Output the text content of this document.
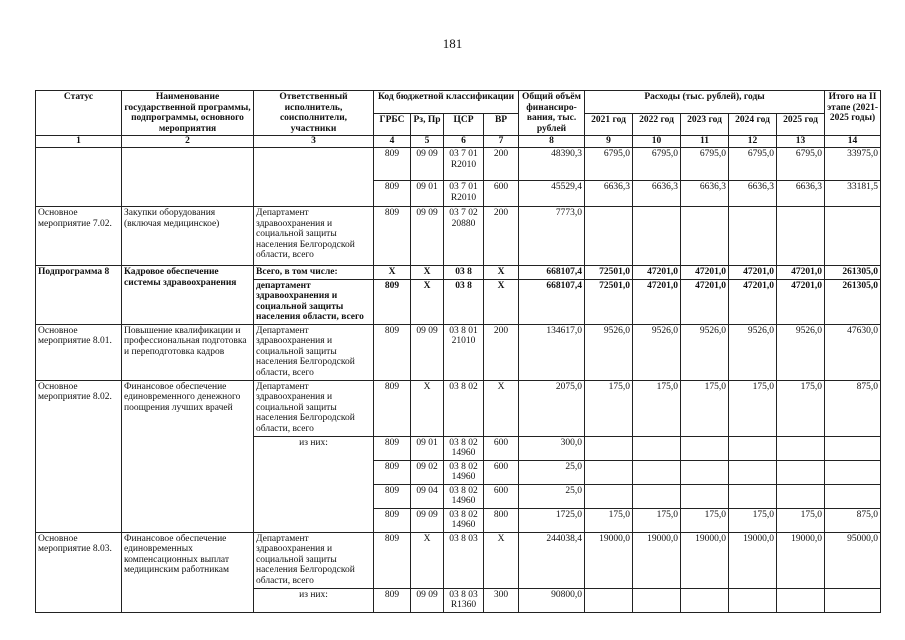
181
Статус	Наименование государственной программы, подпрограммы, основного мероприятия	Ответственный исполнитель, соисполнители, участники	Код бюджетной классификации				Общий объём финансиро-вания, тыс. рублей	Расходы (тыс. рублей), годы					Итого на II этапе (2021-2025 годы)
			ГРБС	Рз, Пр	ЦСР	ВР		2021 год	2022 год	2023 год	2024 год	2025 год	
1	2	3	4	5	6	7	8	9	10	11	12	13	14
			809	09 09	03 7 01 R2010	200	48390,3	6795,0	6795,0	6795,0	6795,0	6795,0	33975,0
			809	09 01	03 7 01 R2010	600	45529,4	6636,3	6636,3	6636,3	6636,3	6636,3	33181,5
Основное мероприятие 7.02.	Закупки оборудования (включая медицинское)	Департамент здравоохранения и социальной защиты населения Белгородской области, всего	809	09 09	03 7 02 20880	200	7773,0						
Подпрограмма 8	Кадровое обеспечение системы здравоохранения	Всего, в том числе:	Х	Х	03 8	Х	668107,4	72501,0	47201,0	47201,0	47201,0	47201,0	261305,0
		департамент здравоохранения и социальной защиты населения области, всего	809	Х	03 8	Х	668107,4	72501,0	47201,0	47201,0	47201,0	47201,0	261305,0
Основное мероприятие 8.01.	Повышение квалификации и профессиональная подготовка и переподготовка кадров	Департамент здравоохранения и социальной защиты населения Белгородской области, всего	809	09 09	03 8 01 21010	200	134617,0	9526,0	9526,0	9526,0	9526,0	9526,0	47630,0
Основное мероприятие 8.02.	Финансовое обеспечение единовременного денежного поощрения лучших врачей	Департамент здравоохранения и социальной защиты населения Белгородской области, всего	809	Х	03 8 02	Х	2075,0	175,0	175,0	175,0	175,0	175,0	875,0
		из них:	809	09 01	03 8 02 14960	600	300,0						
			809	09 02	03 8 02 14960	600	25,0						
			809	09 04	03 8 02 14960	600	25,0						
			809	09 09	03 8 02 14960	800	1725,0	175,0	175,0	175,0	175,0	175,0	875,0
Основное мероприятие 8.03.	Финансовое обеспечение единовременных компенсационных выплат медицинским работникам	Департамент здравоохранения и социальной защиты населения Белгородской области, всего	809	Х	03 8 03	Х	244038,4	19000,0	19000,0	19000,0	19000,0	19000,0	95000,0
		из них:	809	09 09	03 8 03 R1360	300	90800,0						
